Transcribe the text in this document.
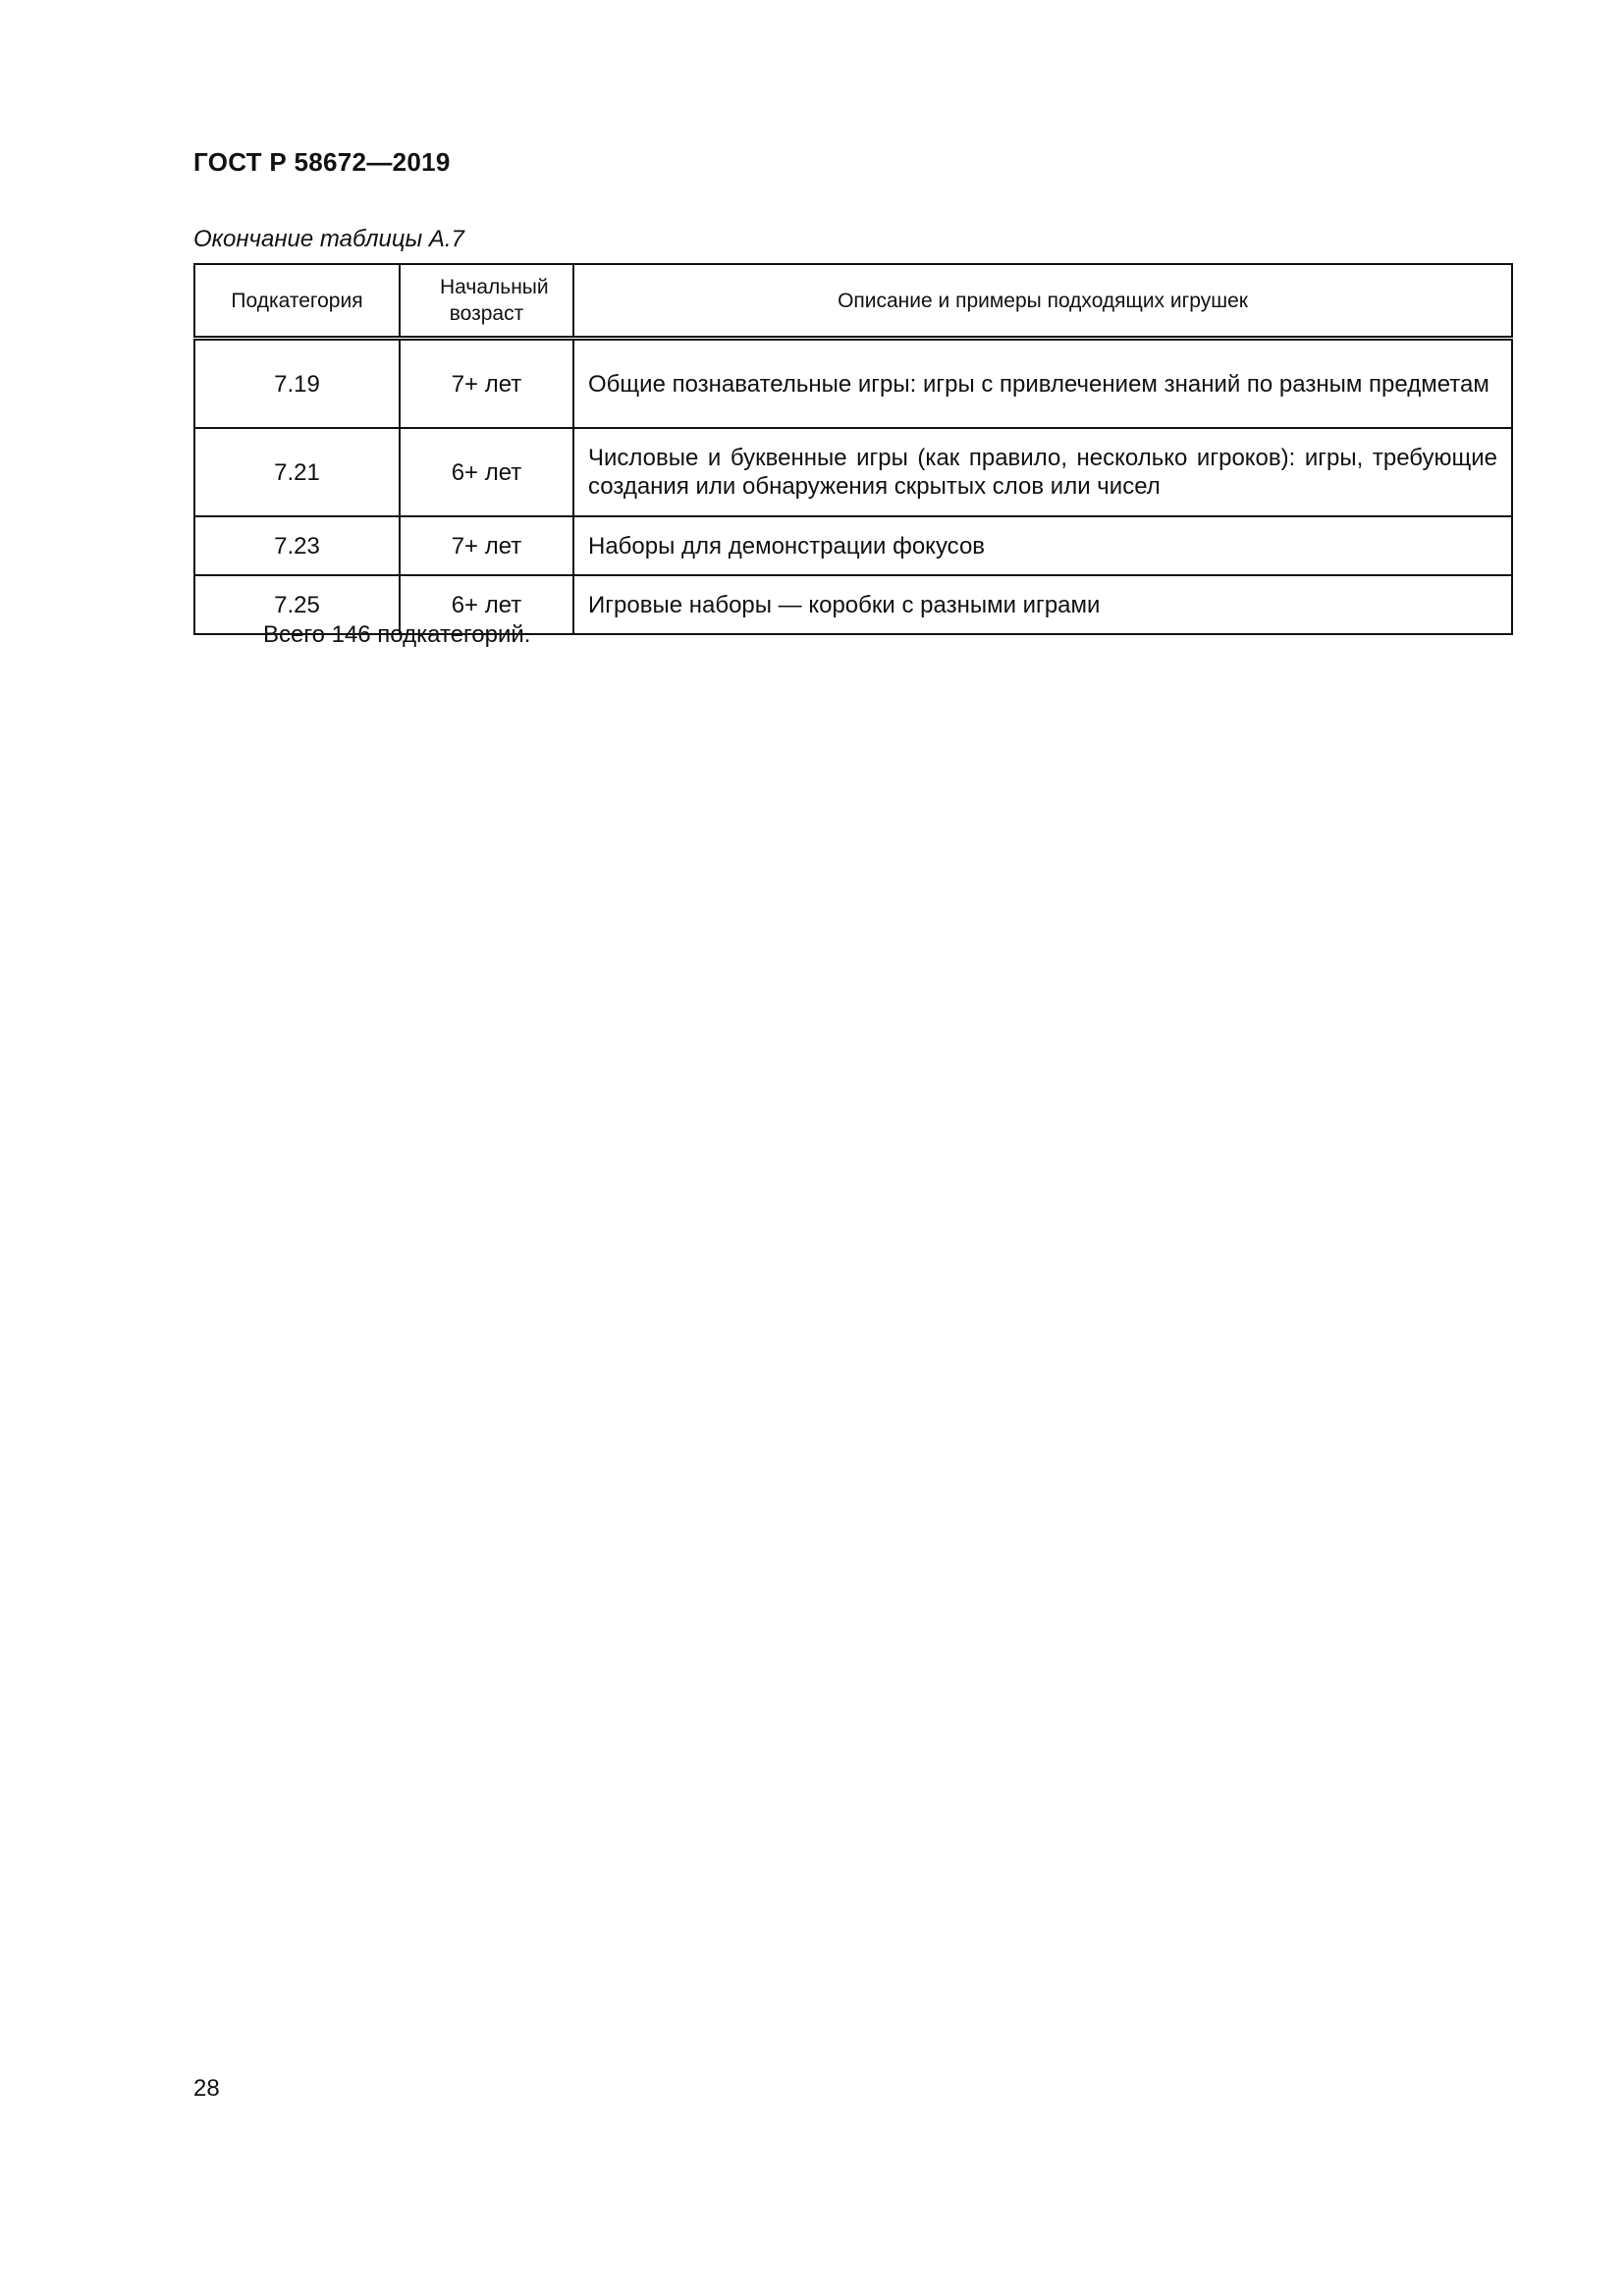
ГОСТ Р 58672—2019
Окончание таблицы А.7
Подкатегория	Начальный возраст	Описание и примеры подходящих игрушек
7.19	7+ лет	Общие познавательные игры: игры с привлечением знаний по разным предметам
7.21	6+ лет	Числовые и буквенные игры (как правило, несколько игроков): игры, требующие создания или обнаружения скрытых слов или чисел
7.23	7+ лет	Наборы для демонстрации фокусов
7.25	6+ лет	Игровые наборы — коробки с разными играми
Всего 146 подкатегорий.
28
